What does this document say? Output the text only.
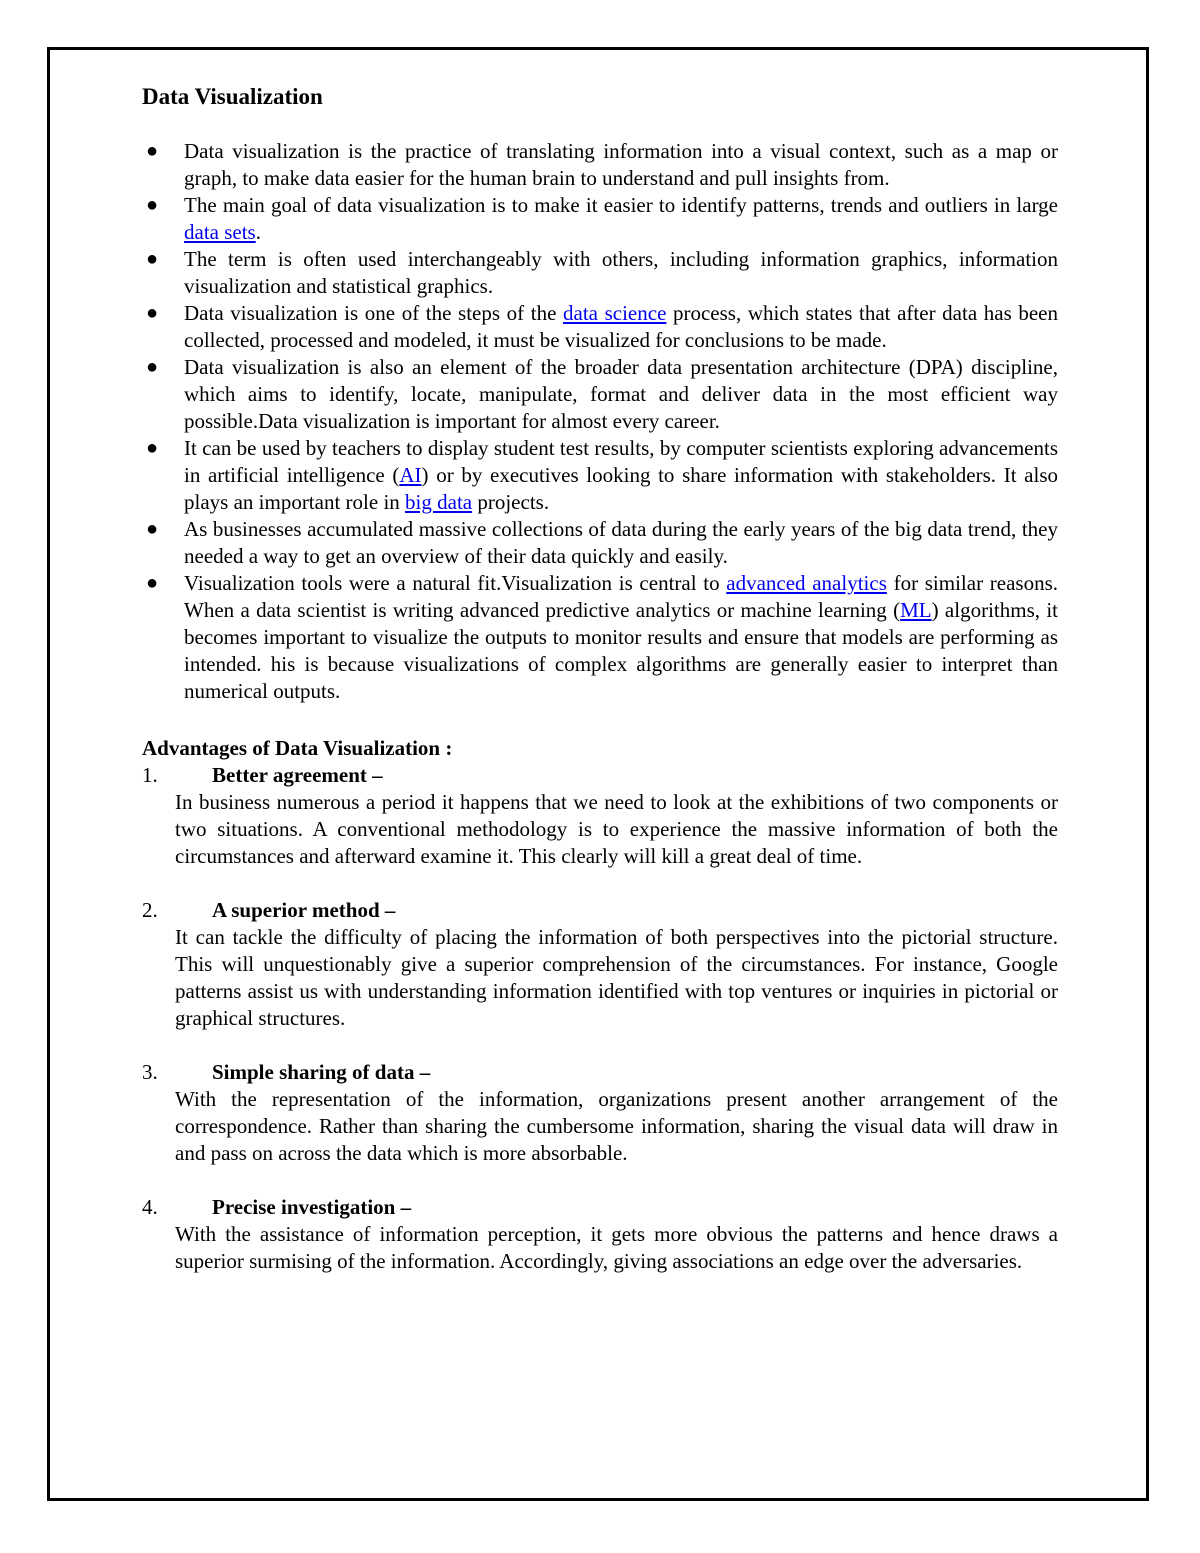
Data Visualization
● Data visualization is the practice of translating information into a visual context, such as a map or graph, to make data easier for the human brain to understand and pull insights from.
● The main goal of data visualization is to make it easier to identify patterns, trends and outliers in large data sets.
● The term is often used interchangeably with others, including information graphics, information visualization and statistical graphics.
● Data visualization is one of the steps of the data science process, which states that after data has been collected, processed and modeled, it must be visualized for conclusions to be made.
● Data visualization is also an element of the broader data presentation architecture (DPA) discipline, which aims to identify, locate, manipulate, format and deliver data in the most efficient way possible.Data visualization is important for almost every career.
● It can be used by teachers to display student test results, by computer scientists exploring advancements in artificial intelligence (AI) or by executives looking to share information with stakeholders. It also plays an important role in big data projects.
● As businesses accumulated massive collections of data during the early years of the big data trend, they needed a way to get an overview of their data quickly and easily.
● Visualization tools were a natural fit.Visualization is central to advanced analytics for similar reasons. When a data scientist is writing advanced predictive analytics or machine learning (ML) algorithms, it becomes important to visualize the outputs to monitor results and ensure that models are performing as intended. his is because visualizations of complex algorithms are generally easier to interpret than numerical outputs.
Advantages of Data Visualization :
1.	Better agreement –
In business numerous a period it happens that we need to look at the exhibitions of two components or two situations. A conventional methodology is to experience the massive information of both the circumstances and afterward examine it. This clearly will kill a great deal of time.
2.	A superior method –
It can tackle the difficulty of placing the information of both perspectives into the pictorial structure. This will unquestionably give a superior comprehension of the circumstances. For instance, Google patterns assist us with understanding information identified with top ventures or inquiries in pictorial or graphical structures.
3.	Simple sharing of data –
With the representation of the information, organizations present another arrangement of the correspondence. Rather than sharing the cumbersome information, sharing the visual data will draw in and pass on across the data which is more absorbable.
4.	Precise investigation –
With the assistance of information perception, it gets more obvious the patterns and hence draws a superior surmising of the information. Accordingly, giving associations an edge over the adversaries.
